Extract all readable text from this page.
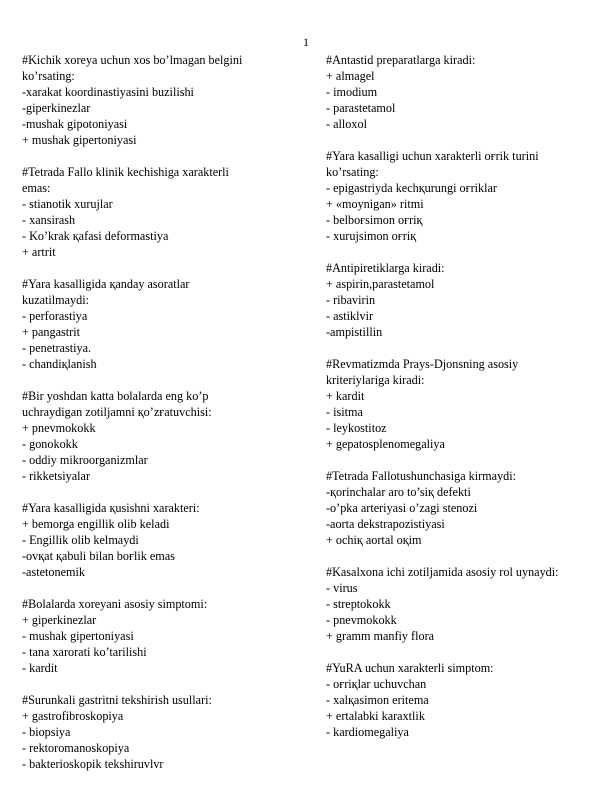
1
#Kichik xoreya uchun xos bo’lmagan belgini
ko’rsating:
-xarakat koordinastiyasini buzilishi
-giperkinezlar
-mushak gipotoniyasi
+ mushak gipertoniyasi
#Tetrada Fallo klinik kechishiga xarakterli
emas:
- stianotik xurujlar
- xansirash
- Ko’krak қafasi deformastiya
+ artrit
#Yara kasalligida қanday asoratlar
kuzatilmaydi:
- perforastiya
+ pangastrit
- penetrastiya.
- chandiқlanish
#Bir yoshdan katta bolalarda eng ko’p
uchraydigan zotiljamni қo’zғatuvchisi:
+ pnevmokokk
- gonokokk
- oddiy mikroorganizmlar
- rikketsiyalar
#Yara kasalligida қusishni xarakteri:
+ bemorga engillik olib keladi
- Engillik olib kelmaydi
-ovқat қabuli bilan boғlik emas
-astetonemik
#Bolalarda xoreyani asosiy simptomi:
+ giperkinezlar
- mushak gipertoniyasi
- tana xarorati ko’tarilishi
- kardit
#Surunkali gastritni tekshirish usullari:
+ gastrofibroskopiya
- biopsiya
- rektoromanoskopiya
- bakterioskopik tekshiruvlvr
#Antastid preparatlarga kiradi:
+ almagel
- imodium
- parastetamol
- alloxol
#Yara kasalligi uchun xarakterli oғrik turini
ko’rsating:
- epigastriyda kechқurungi oғriklar
+ «moynigan» ritmi
- belboғsimon oғriқ
- xurujsimon oғriқ
#Antipiretiklarga kiradi:
+ aspirin,parastetamol
- ribavirin
- astiklvir
-ampistillin
#Revmatizmda Prays-Djonsning asosiy
kriteriylariga kiradi:
+ kardit
- isitma
- leykostitoz
+ gepatosplenomegaliya
#Tetrada Fallotushunchasiga kirmaydi:
-қorinchalar aro to’siқ defekti
-o’pka arteriyasi o’zagi stenozi
-aorta dekstrapozistiyasi
+ ochiқ aortal oқim
#Kasalxona ichi zotiljamida asosiy rol uynaydi:
- virus
- streptokokk
- pnevmokokk
+ gramm manfiy flora
#YuRA uchun xarakterli simptom:
- oғriқlar uchuvchan
- xalқasimon eritema
+ ertalabki karaxtlik
- kardiomegaliya
